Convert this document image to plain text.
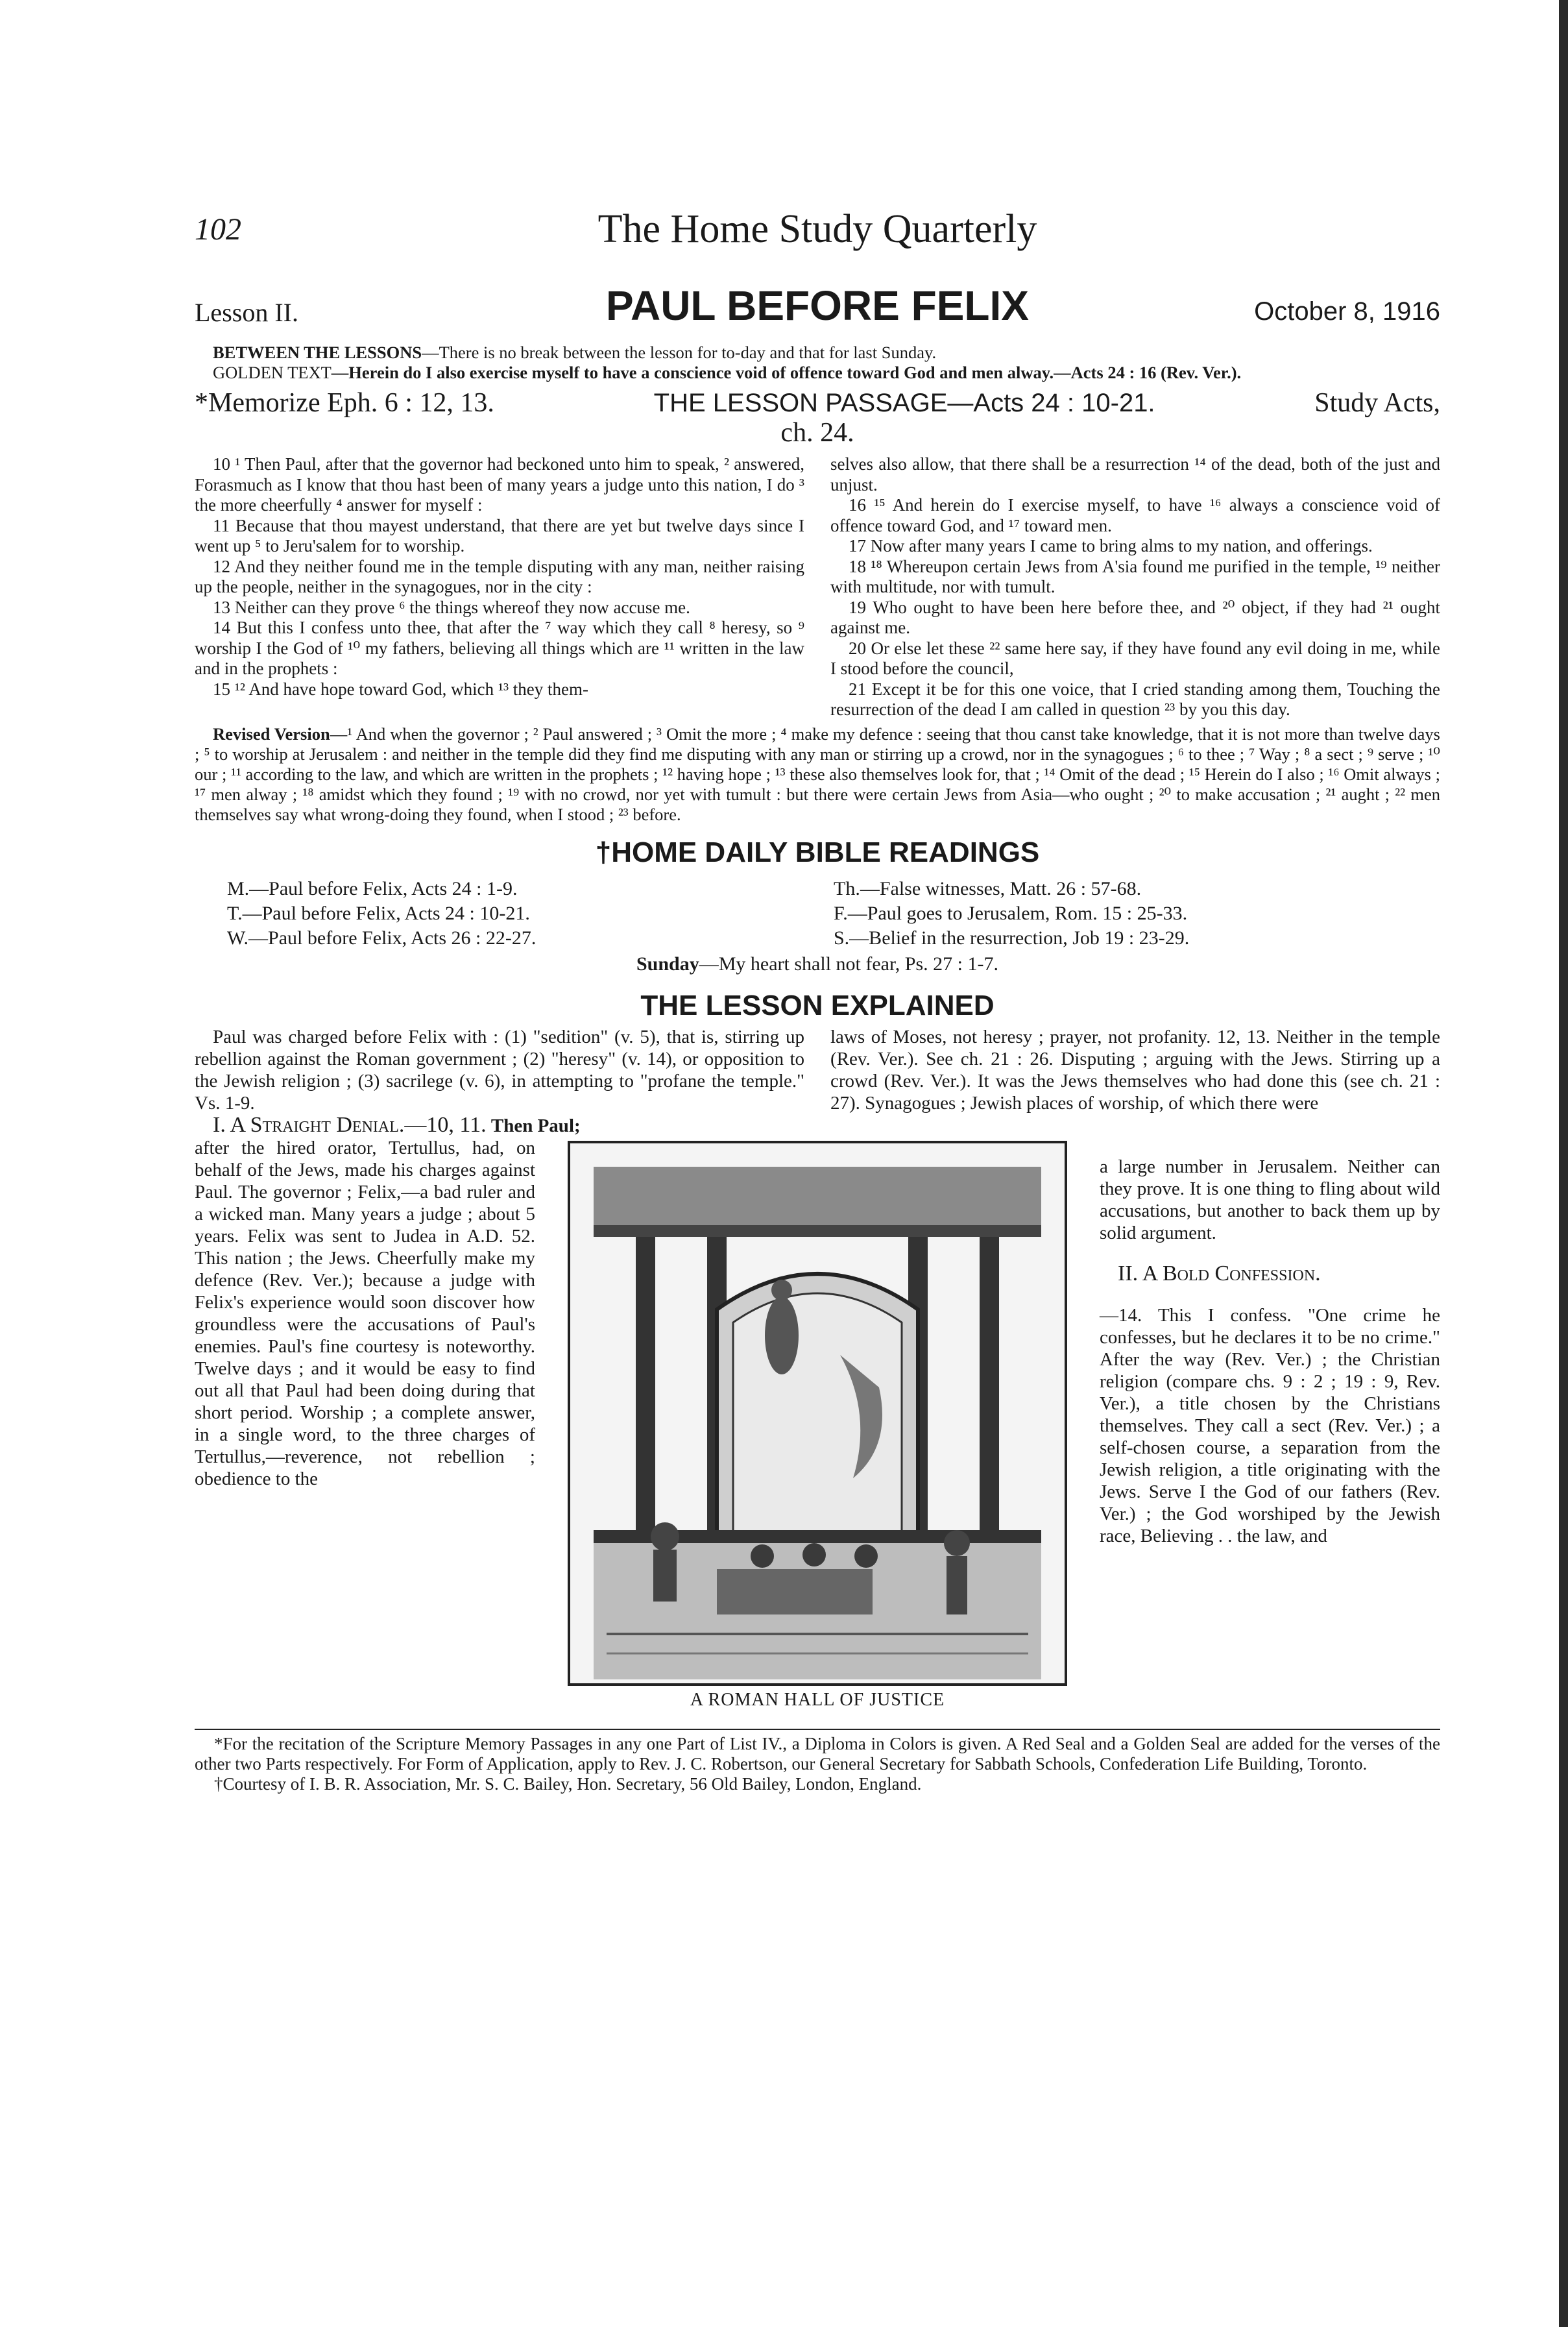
102	The Home Study Quarterly
Lesson II.	PAUL BEFORE FELIX	October 8, 1916
BETWEEN THE LESSONS—There is no break between the lesson for to-day and that for last Sunday.
GOLDEN TEXT—Herein do I also exercise myself to have a conscience void of offence toward God and men alway.—Acts 24 : 16 (Rev. Ver.).
*Memorize Eph. 6 : 12, 13.	THE LESSON PASSAGE—Acts 24 : 10-21.	Study Acts,
ch. 24.

10 ¹ Then Paul, after that the governor had beckoned unto him to speak, ² answered, Forasmuch as I know that thou hast been of many years a judge unto this nation, I do ³ the more cheerfully ⁴ answer for myself :

11 Because that thou mayest understand, that there are yet but twelve days since I went up ⁵ to Jeru'salem for to worship.

12 And they neither found me in the temple disputing with any man, neither raising up the people, neither in the synagogues, nor in the city :

13 Neither can they prove ⁶ the things whereof they now accuse me.

14 But this I confess unto thee, that after the ⁷ way which they call ⁸ heresy, so ⁹ worship I the God of ¹⁰ my fathers, believing all things which are ¹¹ written in the law and in the prophets :

15 ¹² And have hope toward God, which ¹³ they them-

selves also allow, that there shall be a resurrection ¹⁴ of the dead, both of the just and unjust.

16 ¹⁵ And herein do I exercise myself, to have ¹⁶ always a conscience void of offence toward God, and ¹⁷ toward men.

17 Now after many years I came to bring alms to my nation, and offerings.

18 ¹⁸ Whereupon certain Jews from A'sia found me purified in the temple, ¹⁹ neither with multitude, nor with tumult.

19 Who ought to have been here before thee, and ²⁰ object, if they had ²¹ ought against me.

20 Or else let these ²² same here say, if they have found any evil doing in me, while I stood before the council,

21 Except it be for this one voice, that I cried standing among them, Touching the resurrection of the dead I am called in question ²³ by you this day.

Revised Version—¹ And when the governor ; ² Paul answered ; ³ Omit the more ; ⁴ make my defence : seeing that thou canst take knowledge, that it is not more than twelve days ; ⁵ to worship at Jerusalem : and neither in the temple did they find me disputing with any man or stirring up a crowd, nor in the synagogues ; ⁶ to thee ; ⁷ Way ; ⁸ a sect ; ⁹ serve ; ¹⁰ our ; ¹¹ according to the law, and which are written in the prophets ; ¹² having hope ; ¹³ these also themselves look for, that ; ¹⁴ Omit of the dead ; ¹⁵ Herein do I also ; ¹⁶ Omit always ; ¹⁷ men alway ; ¹⁸ amidst which they found ; ¹⁹ with no crowd, nor yet with tumult : but there were certain Jews from Asia—who ought ; ²⁰ to make accusation ; ²¹ aught ; ²² men themselves say what wrong-doing they found, when I stood ; ²³ before.
†HOME DAILY BIBLE READINGS
M.—Paul before Felix, Acts 24 : 1-9.	Th.—False witnesses, Matt. 26 : 57-68.
T.—Paul before Felix, Acts 24 : 10-21.	F.—Paul goes to Jerusalem, Rom. 15 : 25-33.
W.—Paul before Felix, Acts 26 : 22-27.	S.—Belief in the resurrection, Job 19 : 23-29.
Sunday—My heart shall not fear, Ps. 27 : 1-7.
THE LESSON EXPLAINED

Paul was charged before Felix with : (1) "sedition" (v. 5), that is, stirring up rebellion against the Roman government ; (2) "heresy" (v. 14), or opposition to the Jewish religion ; (3) sacrilege (v. 6), in attempting to "profane the temple." Vs. 1-9.

I. A Straight Denial.—10, 11. Then Paul;

laws of Moses, not heresy ; prayer, not profanity. 12, 13. Neither in the temple (Rev. Ver.). See ch. 21 : 26. Disputing ; arguing with the Jews. Stirring up a crowd (Rev. Ver.). It was the Jews themselves who had done this (see ch. 21 : 27). Synagogues ; Jewish places of worship, of which there were

after the hired orator, Tertullus, had, on behalf of the Jews, made his charges against Paul. The governor ; Felix,—a bad ruler and a wicked man. Many years a judge ; about 5 years. Felix was sent to Judea in A.D. 52. This nation ; the Jews. Cheerfully make my defence (Rev. Ver.); because a judge with Felix's experience would soon discover how groundless were the accusations of Paul's enemies. Paul's fine courtesy is noteworthy. Twelve days ; and it would be easy to find out all that Paul had been doing during that short period. Worship ; a complete answer, in a single word, to the three charges of Tertullus,—reverence, not rebellion ; obedience to the
A ROMAN HALL OF JUSTICE

a large number in Jerusalem. Neither can they prove. It is one thing to fling about wild accusations, but another to back them up by solid argument.

II. A Bold Confession.

—14. This I confess. "One crime he confesses, but he declares it to be no crime." After the way (Rev. Ver.) ; the Christian religion (compare chs. 9 : 2 ; 19 : 9, Rev. Ver.), a title chosen by the Christians themselves. They call a sect (Rev. Ver.) ; a self-chosen course, a separation from the Jewish religion, a title originating with the Jews. Serve I the God of our fathers (Rev. Ver.) ; the God worshiped by the Jewish race, Believing . . the law, and

*For the recitation of the Scripture Memory Passages in any one Part of List IV., a Diploma in Colors is given. A Red Seal and a Golden Seal are added for the verses of the other two Parts respectively. For Form of Application, apply to Rev. J. C. Robertson, our General Secretary for Sabbath Schools, Confederation Life Building, Toronto.

†Courtesy of I. B. R. Association, Mr. S. C. Bailey, Hon. Secretary, 56 Old Bailey, London, England.
